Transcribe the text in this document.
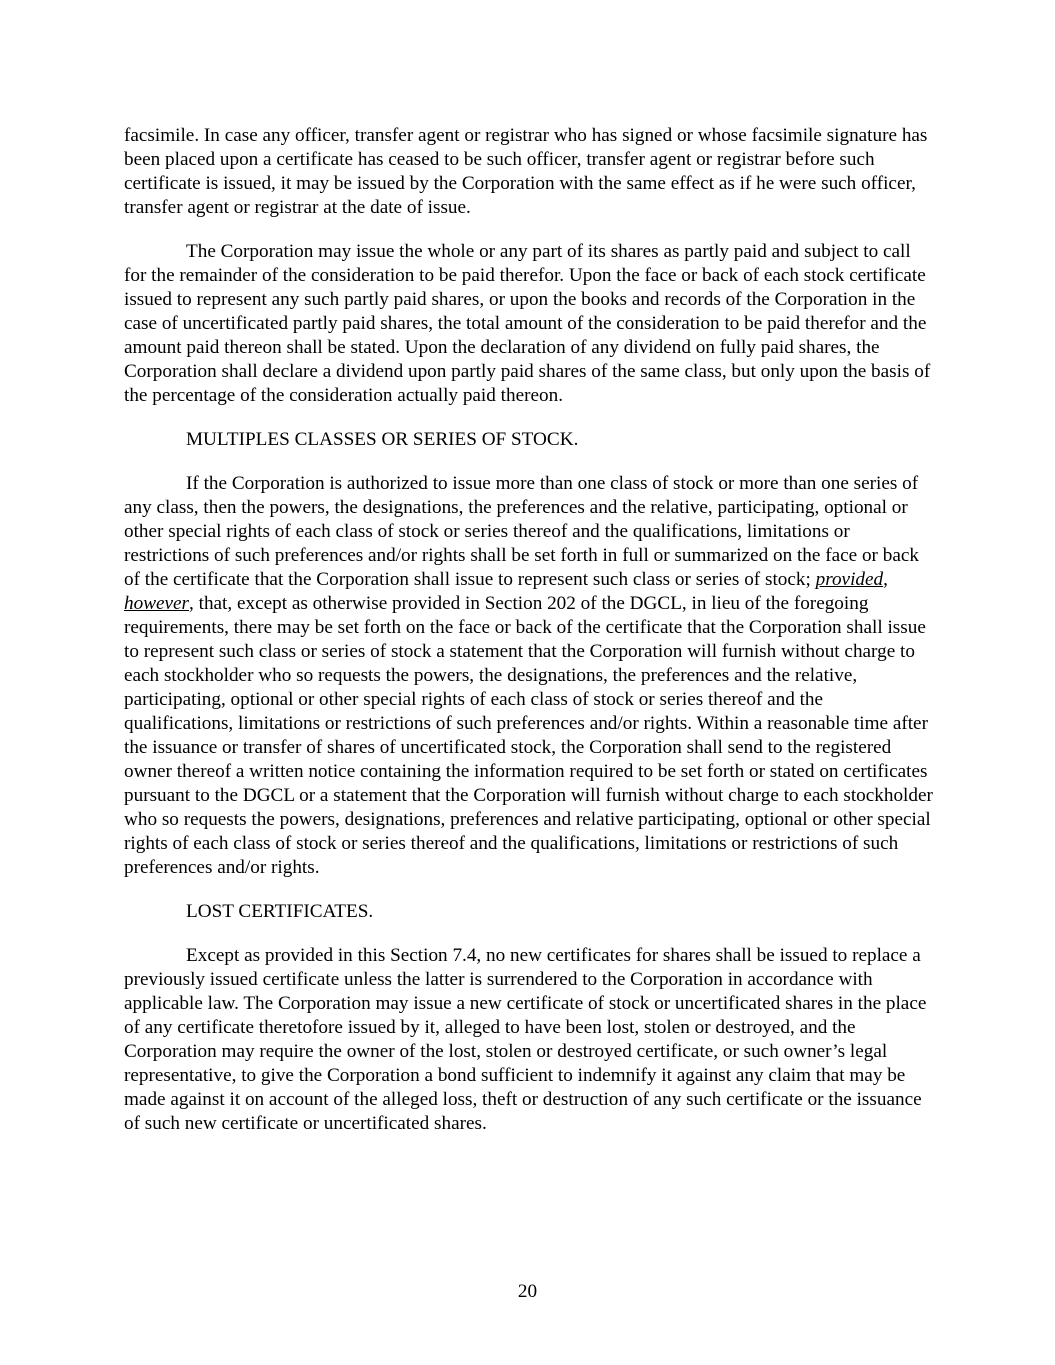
facsimile. In case any officer, transfer agent or registrar who has signed or whose facsimile signature has been placed upon a certificate has ceased to be such officer, transfer agent or registrar before such certificate is issued, it may be issued by the Corporation with the same effect as if he were such officer, transfer agent or registrar at the date of issue.

The Corporation may issue the whole or any part of its shares as partly paid and subject to call for the remainder of the consideration to be paid therefor. Upon the face or back of each stock certificate issued to represent any such partly paid shares, or upon the books and records of the Corporation in the case of uncertificated partly paid shares, the total amount of the consideration to be paid therefor and the amount paid thereon shall be stated. Upon the declaration of any dividend on fully paid shares, the Corporation shall declare a dividend upon partly paid shares of the same class, but only upon the basis of the percentage of the consideration actually paid thereon.

MULTIPLES CLASSES OR SERIES OF STOCK.

If the Corporation is authorized to issue more than one class of stock or more than one series of any class, then the powers, the designations, the preferences and the relative, participating, optional or other special rights of each class of stock or series thereof and the qualifications, limitations or restrictions of such preferences and/or rights shall be set forth in full or summarized on the face or back of the certificate that the Corporation shall issue to represent such class or series of stock; provided, however, that, except as otherwise provided in Section 202 of the DGCL, in lieu of the foregoing requirements, there may be set forth on the face or back of the certificate that the Corporation shall issue to represent such class or series of stock a statement that the Corporation will furnish without charge to each stockholder who so requests the powers, the designations, the preferences and the relative, participating, optional or other special rights of each class of stock or series thereof and the qualifications, limitations or restrictions of such preferences and/or rights. Within a reasonable time after the issuance or transfer of shares of uncertificated stock, the Corporation shall send to the registered owner thereof a written notice containing the information required to be set forth or stated on certificates pursuant to the DGCL or a statement that the Corporation will furnish without charge to each stockholder who so requests the powers, designations, preferences and relative participating, optional or other special rights of each class of stock or series thereof and the qualifications, limitations or restrictions of such preferences and/or rights.

LOST CERTIFICATES.

Except as provided in this Section 7.4, no new certificates for shares shall be issued to replace a previously issued certificate unless the latter is surrendered to the Corporation in accordance with applicable law. The Corporation may issue a new certificate of stock or uncertificated shares in the place of any certificate theretofore issued by it, alleged to have been lost, stolen or destroyed, and the Corporation may require the owner of the lost, stolen or destroyed certificate, or such owner’s legal representative, to give the Corporation a bond sufficient to indemnify it against any claim that may be made against it on account of the alleged loss, theft or destruction of any such certificate or the issuance of such new certificate or uncertificated shares.

20
